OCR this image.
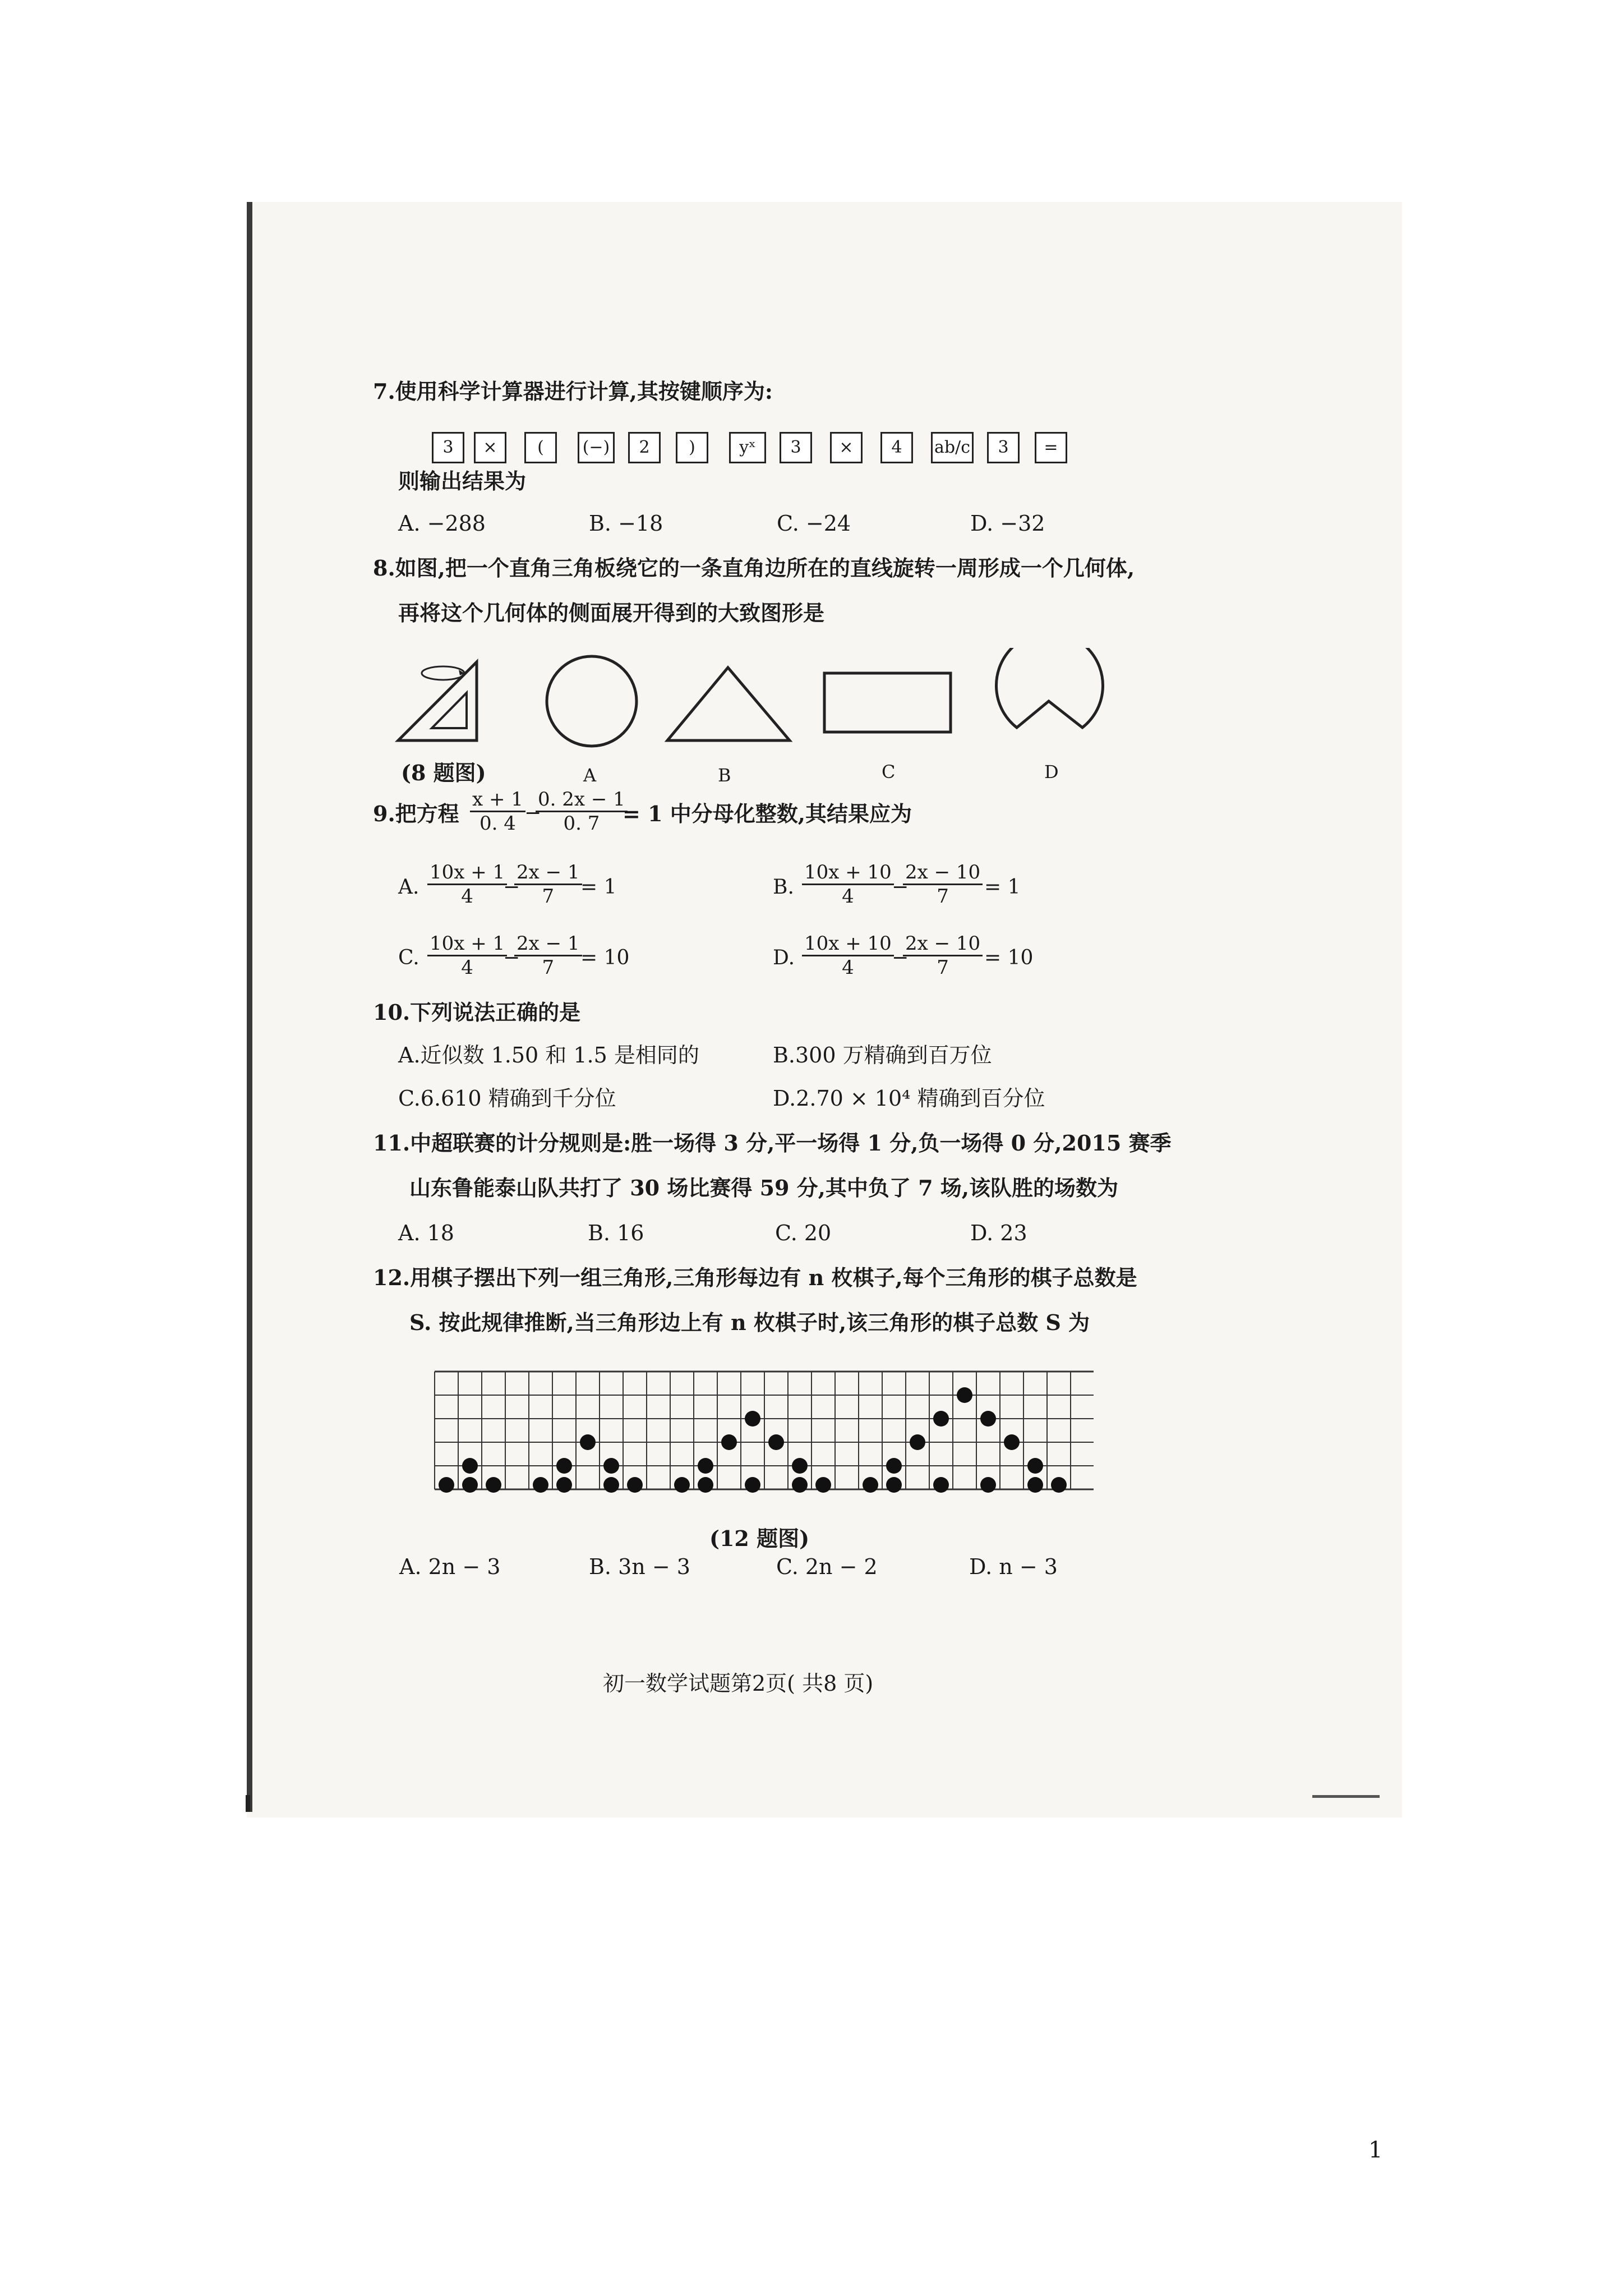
7.使用科学计算器进行计算,其按键顺序为:
3	×	(	(−)	2	)	yˣ	3	×	4	ab/c	3	=
则输出结果为
A. −288	B. −18	C. −24	D. −32
8.如图,把一个直角三角板绕它的一条直角边所在的直线旋转一周形成一个几何体,
再将这个几何体的侧面展开得到的大致图形是
(8 题图)	A	B	C	D
9.把方程 $\frac{x + 1}{0. 4}$
−
$\frac{0. 2x - 1}{0. 7}$
= 1 中分母化整数,其结果应为
A. $\frac{10x + 1}{4}$
−
$\frac{2x - 1}{7}$
= 1	B. $\frac{10x + 10}{4}$
−
$\frac{2x - 10}{7} = 1$
C. $\frac{10x + 1}{4}$
−
$\frac{2x - 1}{7}$
= 10	D. $\frac{10x + 10}{4}$
−
$\frac{2x - 10}{7} = 10$
10.下列说法正确的是
A.近似数 1.50 和 1.5 是相同的	B.300 万精确到百万位
C.6.610 精确到千分位	D.2.70 × 10⁴ 精确到百分位
11.中超联赛的计分规则是:胜一场得 3 分,平一场得 1 分,负一场得 0 分,2015 赛季
山东鲁能泰山队共打了 30 场比赛得 59 分,其中负了 7 场,该队胜的场数为
A. 18	B. 16	C. 20	D. 23
12.用棋子摆出下列一组三角形,三角形每边有 n 枚棋子,每个三角形的棋子总数是
S. 按此规律推断,当三角形边上有 n 枚棋子时,该三角形的棋子总数 S 为
(12 题图)
A. 2n − 3	B. 3n − 3	C. 2n − 2	D. n − 3
初一数学试题第2页( 共8 页)
1
